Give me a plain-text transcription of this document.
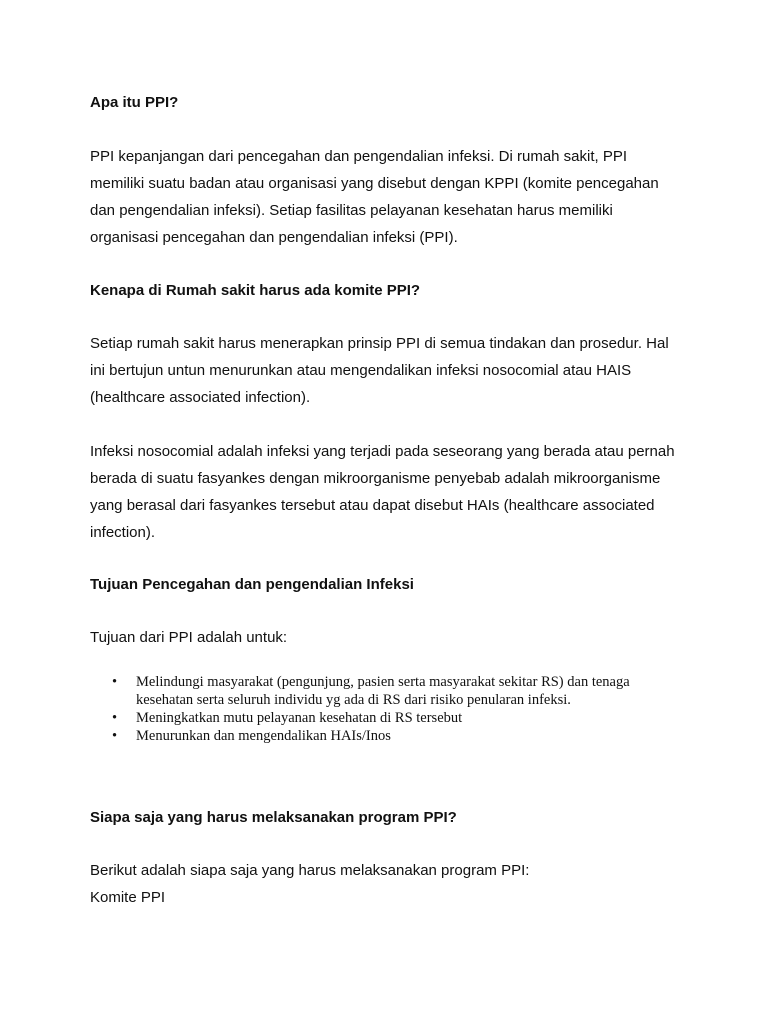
Apa itu PPI?
PPI kepanjangan dari pencegahan dan pengendalian infeksi. Di rumah sakit, PPI
memiliki suatu badan atau organisasi yang disebut dengan KPPI (komite pencegahan
dan pengendalian infeksi). Setiap fasilitas pelayanan kesehatan harus memiliki
organisasi pencegahan dan pengendalian infeksi (PPI).
Kenapa di Rumah sakit harus ada komite PPI?
Setiap rumah sakit harus menerapkan prinsip PPI di semua tindakan dan prosedur. Hal
ini bertujun untun menurunkan atau mengendalikan infeksi nosocomial atau HAIS
(healthcare associated infection).
Infeksi nosocomial adalah infeksi yang terjadi pada seseorang yang berada atau pernah
berada di suatu fasyankes dengan mikroorganisme penyebab adalah mikroorganisme
yang berasal dari fasyankes tersebut atau dapat disebut HAIs (healthcare associated
infection).
Tujuan Pencegahan dan pengendalian Infeksi
Tujuan dari PPI adalah untuk:
• Melindungi masyarakat (pengunjung, pasien serta masyarakat sekitar RS) dan tenaga
kesehatan serta seluruh individu yg ada di RS dari risiko penularan infeksi.
• Meningkatkan mutu pelayanan kesehatan di RS tersebut
• Menurunkan dan mengendalikan HAIs/Inos
Siapa saja yang harus melaksanakan program PPI?
Berikut adalah siapa saja yang harus melaksanakan program PPI:
Komite PPI
